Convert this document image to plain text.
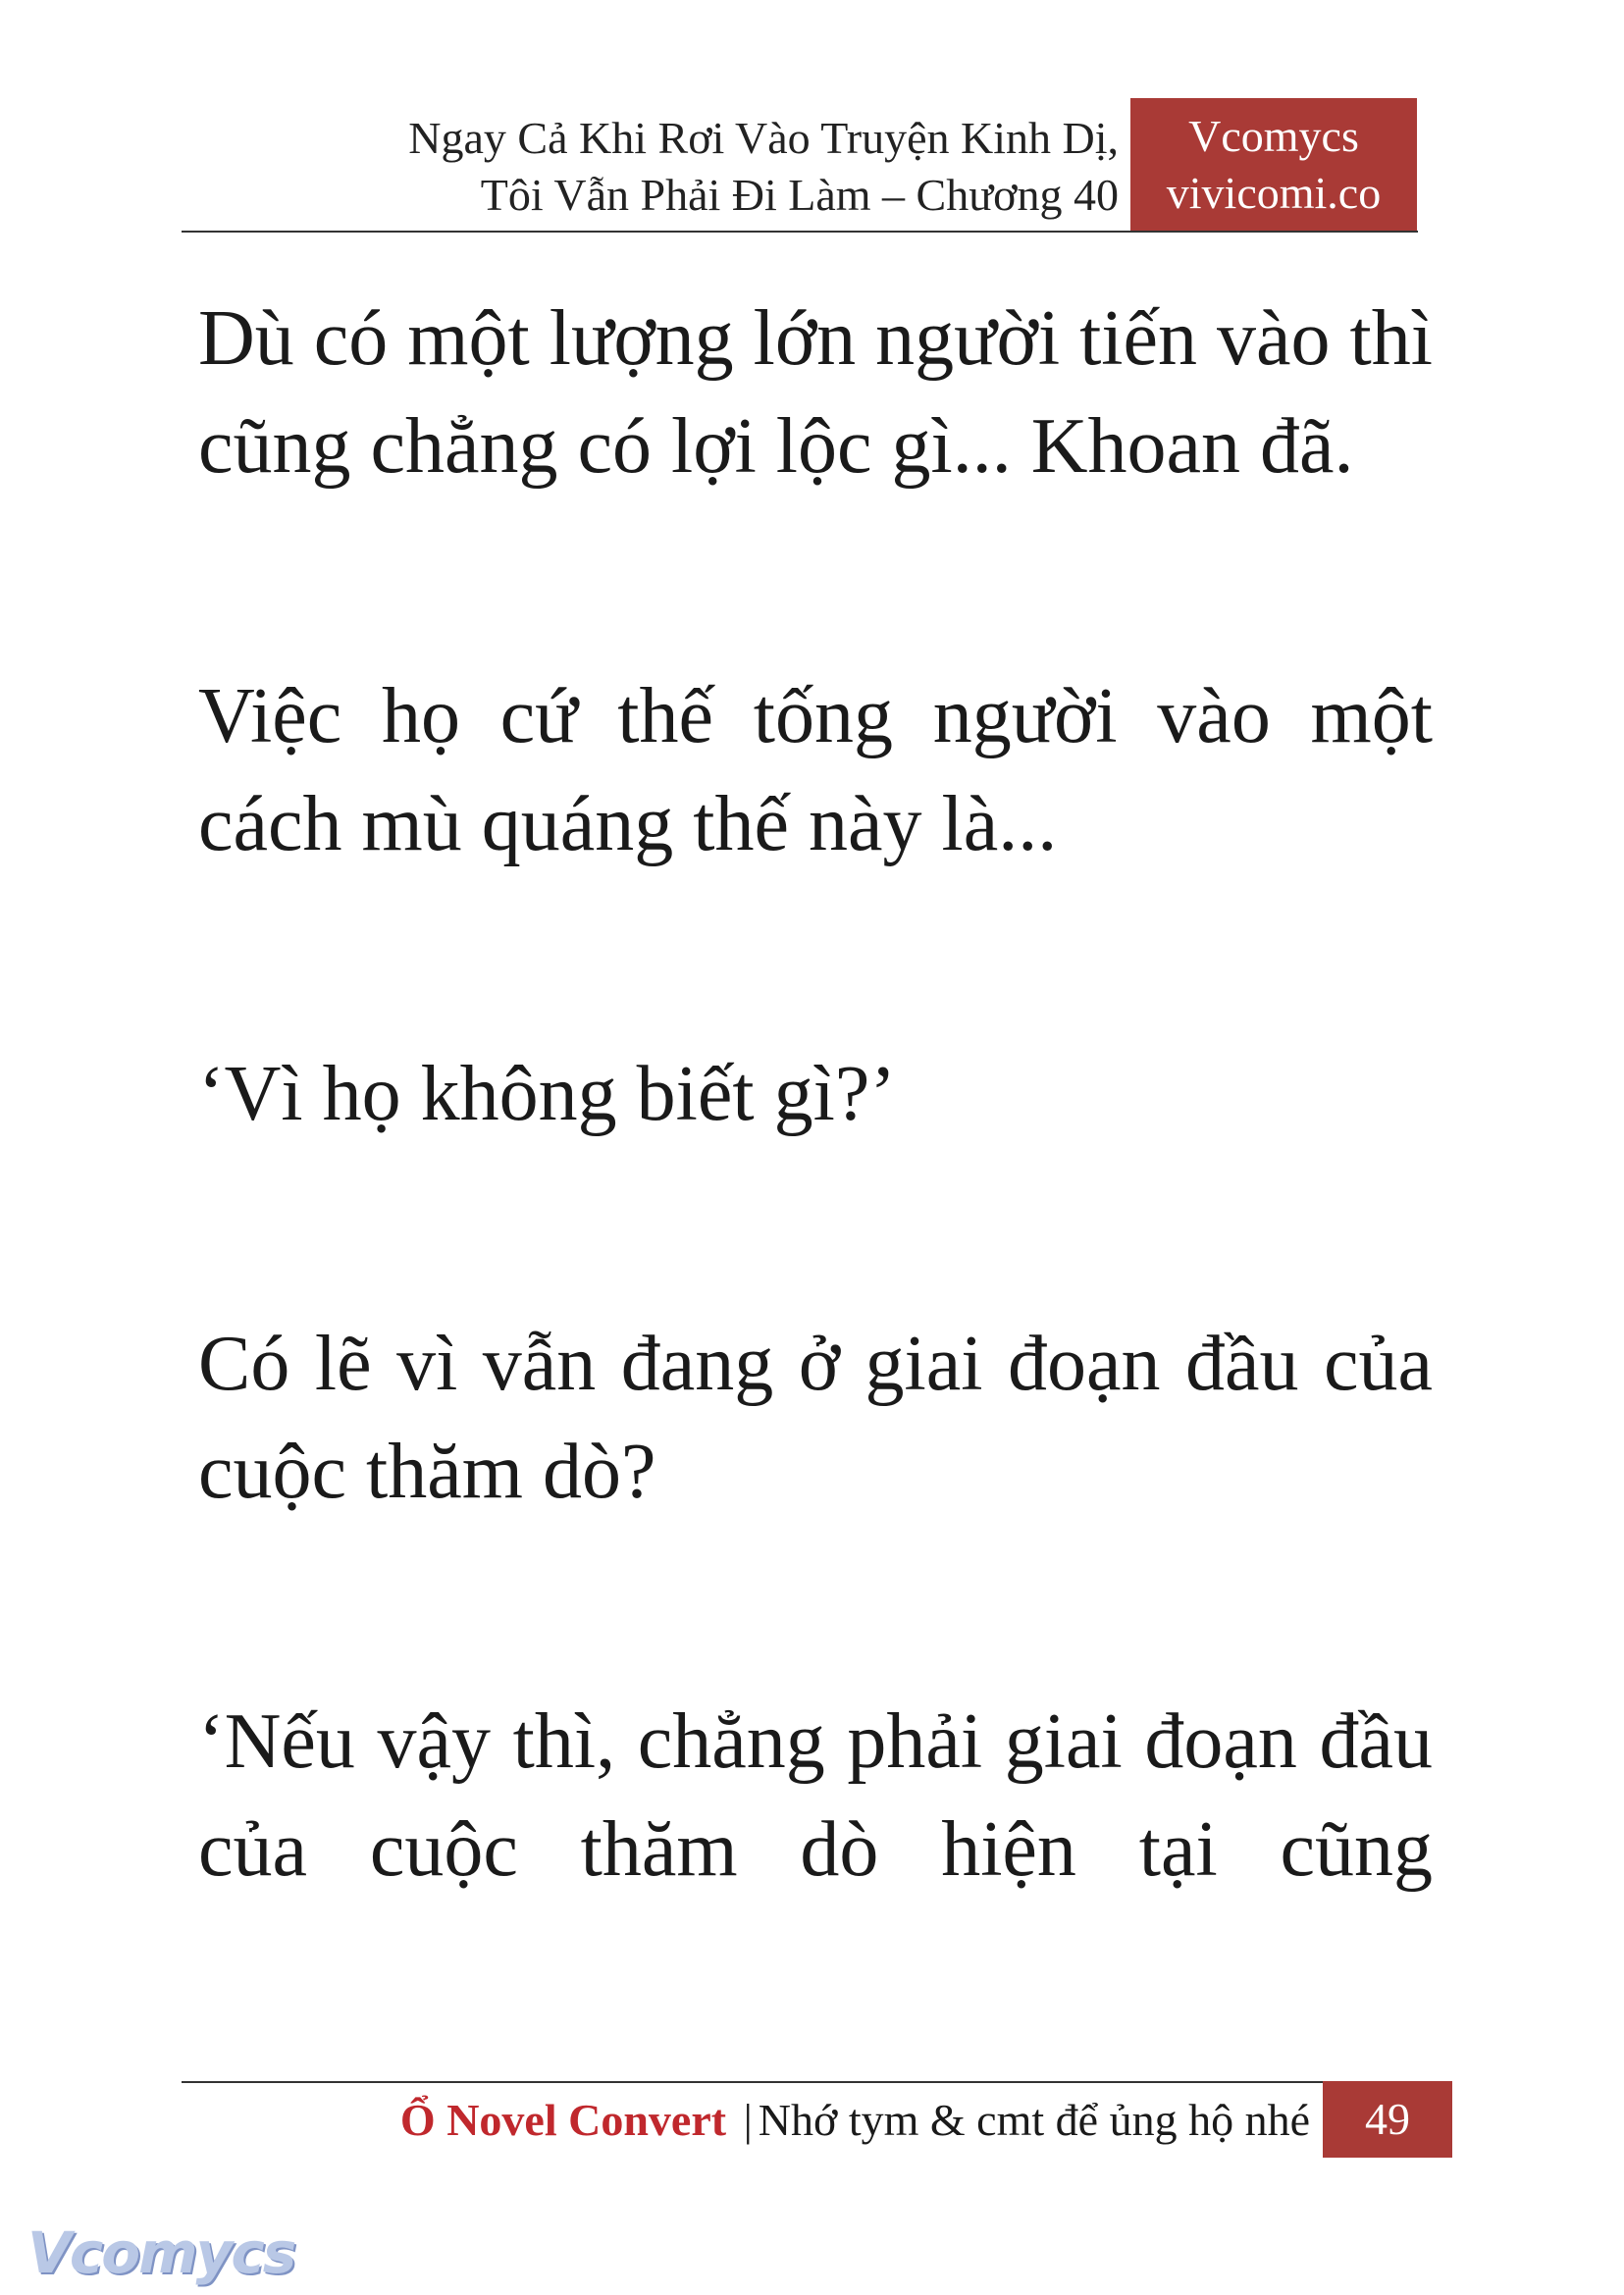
Ngay Cả Khi Rơi Vào Truyện Kinh Dị,
Tôi Vẫn Phải Đi Làm – Chương 40
Vcomycs
vivicomi.co

Dù có một lượng lớn người tiến vào thì cũng chẳng có lợi lộc gì... Khoan đã.

Việc họ cứ thế tống người vào một cách mù quáng thế này là...

‘Vì họ không biết gì?’

Có lẽ vì vẫn đang ở giai đoạn đầu của cuộc thăm dò?

‘Nếu vậy thì, chẳng phải giai đoạn đầu của cuộc thăm dò hiện tại cũng

Ổ Novel Convert | Nhớ tym & cmt để ủng hộ nhé	49
Vcomycs
